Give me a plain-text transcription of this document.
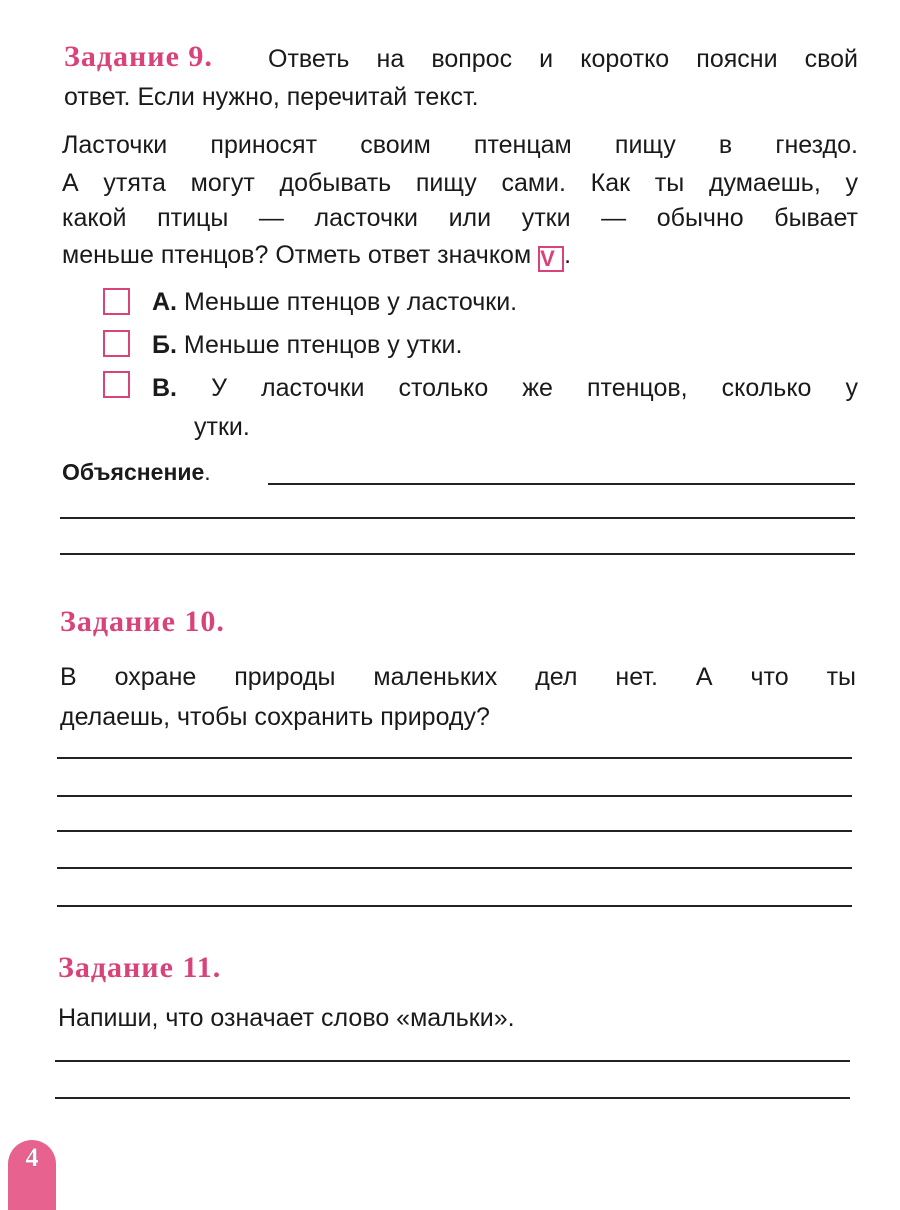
Задание 9. Ответь на вопрос и коротко поясни свой
ответ. Если нужно, перечитай текст.
Ласточки приносят своим птенцам пищу в гнездо.
А утята могут добывать пищу сами. Как ты думаешь, у
какой птицы — ласточки или утки — обычно бывает
меньше птенцов? Отметь ответ значком V .
А. Меньше птенцов у ласточки.
Б. Меньше птенцов у утки.
В. У ласточки столько же птенцов, сколько у
утки.
Объяснение.
Задание 10.
В охране природы маленьких дел нет. А что ты
делаешь, чтобы сохранить природу?
Задание 11.
Напиши, что означает слово «мальки».
4
